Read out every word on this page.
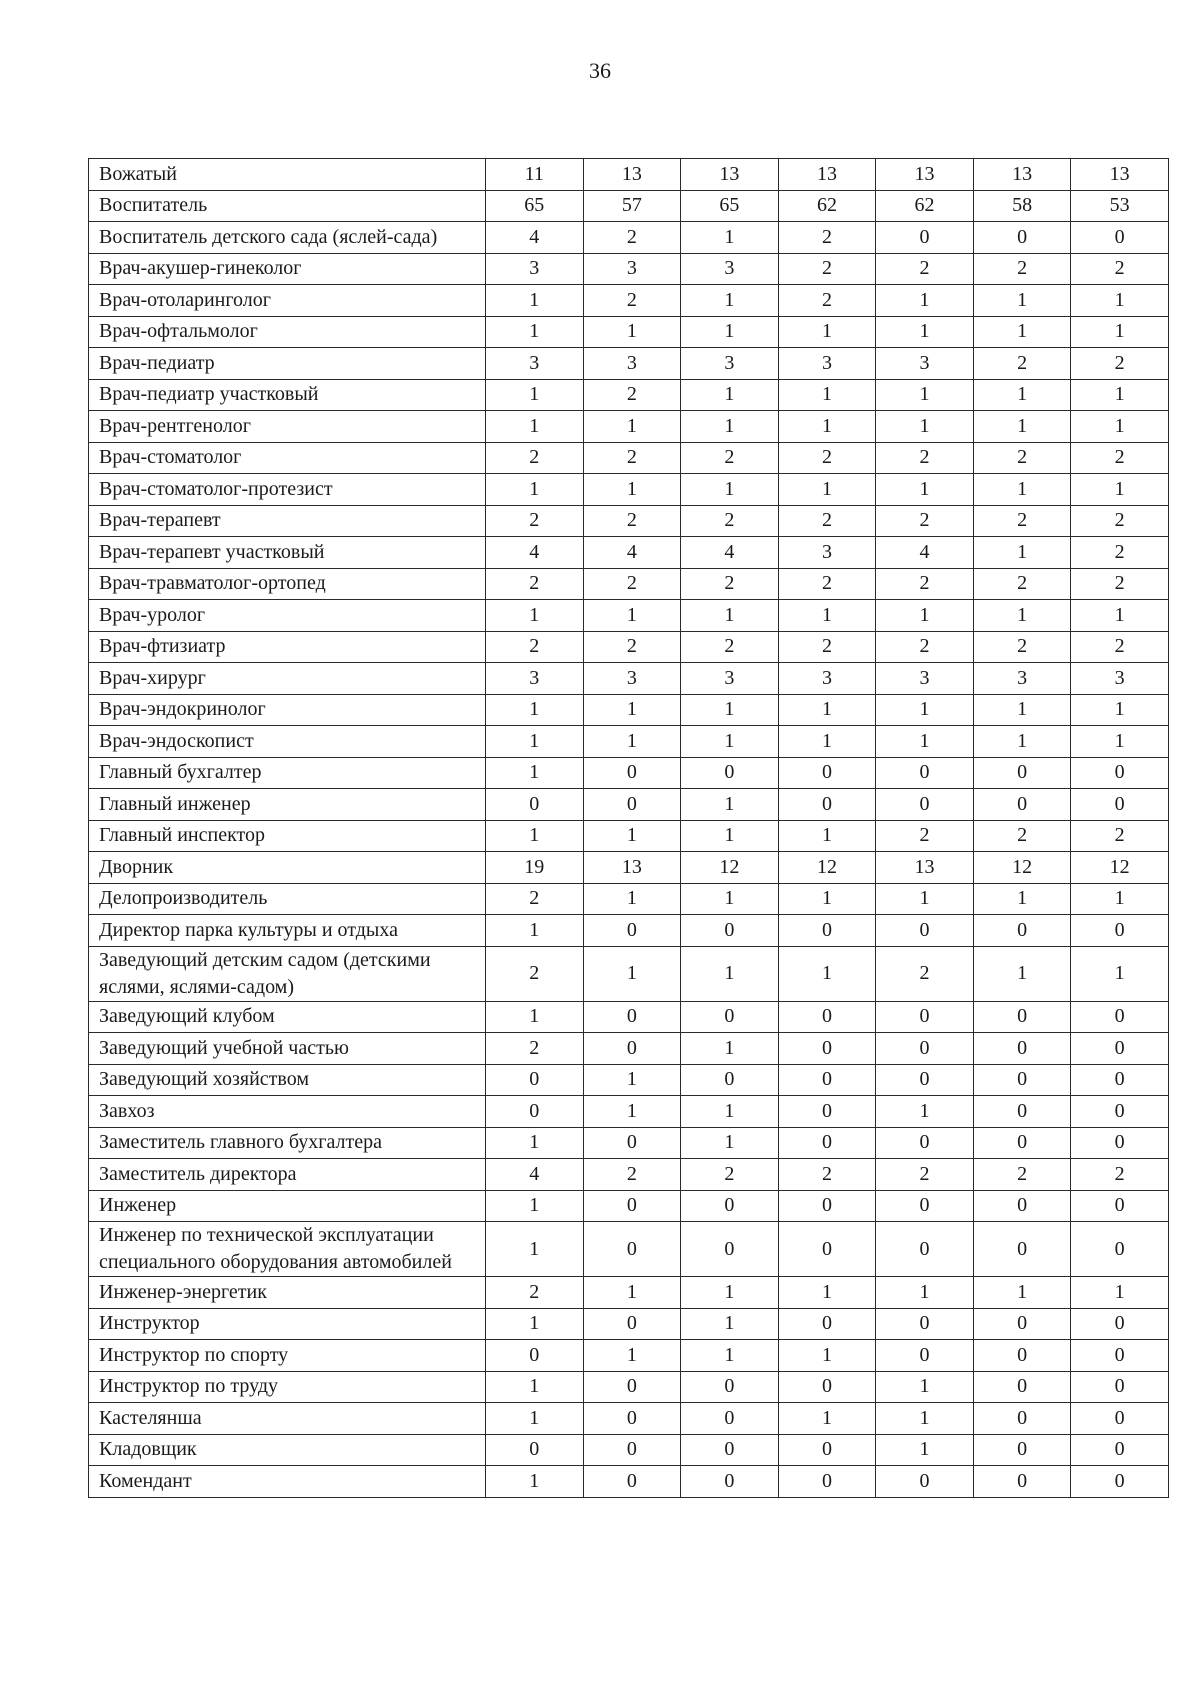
36
Вожатый	11	13	13	13	13	13	13
Воспитатель	65	57	65	62	62	58	53
Воспитатель детского сада (яслей-сада)	4	2	1	2	0	0	0
Врач-акушер-гинеколог	3	3	3	2	2	2	2
Врач-отоларинголог	1	2	1	2	1	1	1
Врач-офтальмолог	1	1	1	1	1	1	1
Врач-педиатр	3	3	3	3	3	2	2
Врач-педиатр участковый	1	2	1	1	1	1	1
Врач-рентгенолог	1	1	1	1	1	1	1
Врач-стоматолог	2	2	2	2	2	2	2
Врач-стоматолог-протезист	1	1	1	1	1	1	1
Врач-терапевт	2	2	2	2	2	2	2
Врач-терапевт участковый	4	4	4	3	4	1	2
Врач-травматолог-ортопед	2	2	2	2	2	2	2
Врач-уролог	1	1	1	1	1	1	1
Врач-фтизиатр	2	2	2	2	2	2	2
Врач-хирург	3	3	3	3	3	3	3
Врач-эндокринолог	1	1	1	1	1	1	1
Врач-эндоскопист	1	1	1	1	1	1	1
Главный бухгалтер	1	0	0	0	0	0	0
Главный инженер	0	0	1	0	0	0	0
Главный инспектор	1	1	1	1	2	2	2
Дворник	19	13	12	12	13	12	12
Делопроизводитель	2	1	1	1	1	1	1
Директор парка культуры и отдыха	1	0	0	0	0	0	0
Заведующий детским садом (детскими яслями, яслями-садом)	2	1	1	1	2	1	1
Заведующий клубом	1	0	0	0	0	0	0
Заведующий учебной частью	2	0	1	0	0	0	0
Заведующий хозяйством	0	1	0	0	0	0	0
Завхоз	0	1	1	0	1	0	0
Заместитель главного бухгалтера	1	0	1	0	0	0	0
Заместитель директора	4	2	2	2	2	2	2
Инженер	1	0	0	0	0	0	0
Инженер по технической эксплуатации специального оборудования автомобилей	1	0	0	0	0	0	0
Инженер-энергетик	2	1	1	1	1	1	1
Инструктор	1	0	1	0	0	0	0
Инструктор по спорту	0	1	1	1	0	0	0
Инструктор по труду	1	0	0	0	1	0	0
Кастелянша	1	0	0	1	1	0	0
Кладовщик	0	0	0	0	1	0	0
Комендант	1	0	0	0	0	0	0
